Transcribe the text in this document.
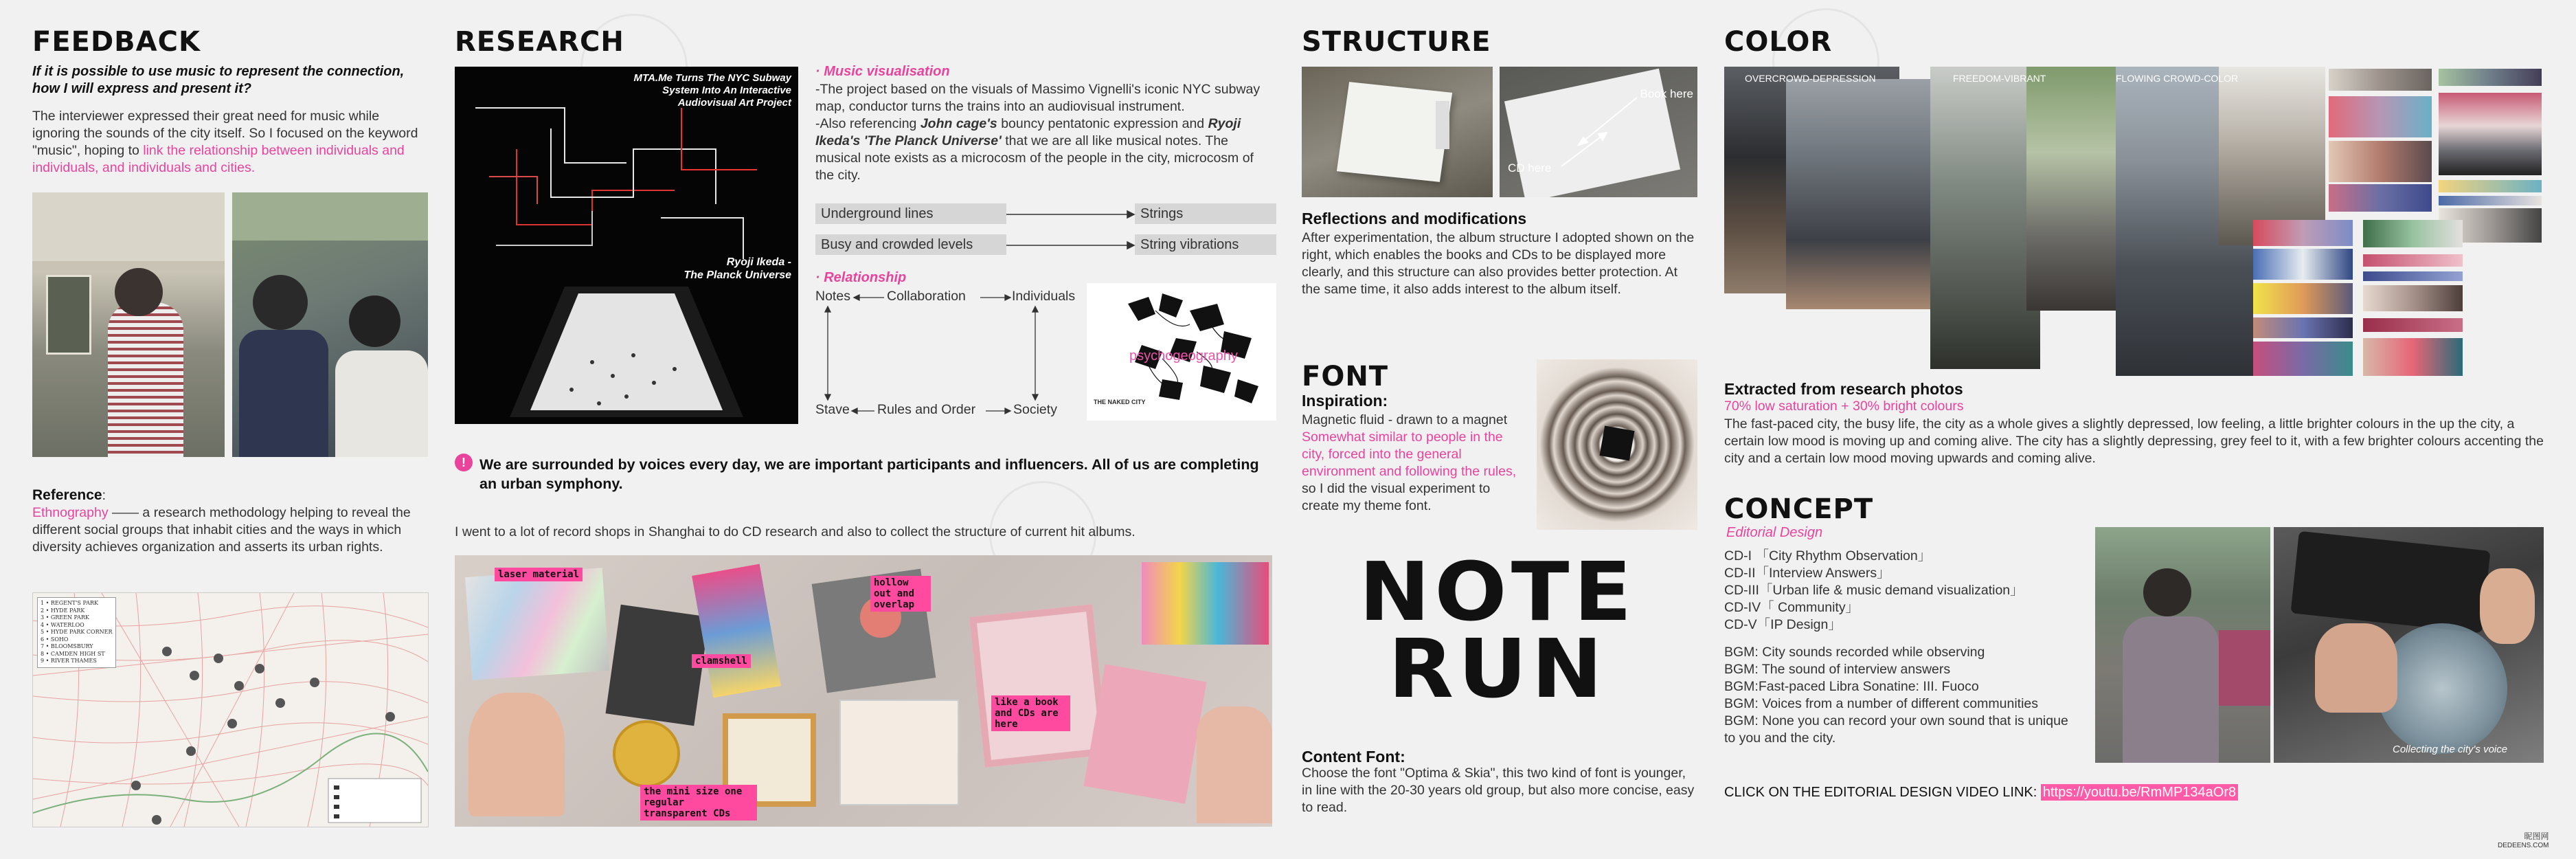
FEEDBACK
If it is possible to use music to represent the connection, how I will express and present it?
The interviewer expressed their great need for music while ignoring the sounds of the city itself. So I focused on the keyword "music", hoping to link the relationship between individuals and individuals, and individuals and cities.
Reference:
Ethnography —— a research methodology helping to reveal the different social groups that inhabit cities and the ways in which diversity achieves organization and asserts its urban rights.
1 • REGENT'S PARK
2 • HYDE PARK
3 • GREEN PARK
4 • WATERLOO
5 • HYDE PARK CORNER
6 • SOHO
7 • BLOOMSBURY
8 • CAMDEN HIGH ST
9 • RIVER THAMES
RESEARCH
MTA.Me Turns The NYC Subway System Into An Interactive Audiovisual Art Project
Ryoji Ikeda -
The Planck Universe
· Music visualisation
-The project based on the visuals of Massimo Vignelli's iconic NYC subway map, conductor turns the trains into an audiovisual instrument.
-Also referencing John cage's bouncy pentatonic expression and Ryoji Ikeda's 'The Planck Universe' that we are all like musical notes. The musical note exists as a microcosm of the people in the city, microcosm of the city.
Underground lines	Strings
Busy and crowded levels	String vibrations
· Relationship
Notes	Collaboration	Individuals
Stave Rules and Order	Society
psychogeography
THE NAKED CITY
! We are surrounded by voices every day, we are important participants and influencers. All of us are completing an urban symphony.
I went to a lot of record shops in Shanghai to do CD research and also to collect the structure of current hit albums.
laser material
clamshell
hollow out and overlap
like a book and CDs are here
the mini size one regular transparent CDs
STRUCTURE
Book here
CD here
Reflections and modifications
After experimentation, the album structure I adopted shown on the right, which enables the books and CDs to be displayed more clearly, and this structure can also provides better protection. At the same time, it also adds interest to the album itself.
FONT
Inspiration:
Magnetic fluid - drawn to a magnet Somewhat similar to people in the city, forced into the general environment and following the rules, so I did the visual experiment to create my theme font.
NOTE
RUN
Content Font:
Choose the font "Optima & Skia", this two kind of font is younger, in line with the 20-30 years old group, but also more concise, easy to read.
COLOR
OVERCROWD-DEPRESSION	FREEDOM-VIBRANT	FLOWING CROWD-COLOR
Extracted from research photos
70% low saturation + 30% bright colours
The fast-paced city, the busy life, the city as a whole gives a slightly depressed, low feeling, a little brighter colours in the up the city, a certain low mood is moving up and coming alive. The city has a slightly depressing, grey feel to it, with a few brighter colours accenting the city and a certain low mood moving upwards and coming alive.
CONCEPT
Editorial Design
CD-I 「City Rhythm Observation」
CD-II「Interview Answers」
CD-III「Urban life & music demand visualization」
CD-IV「 Community」
CD-V「IP Design」
BGM: City sounds recorded while observing
BGM: The sound of interview answers
BGM:Fast-paced Libra Sonatine: III. Fuoco
BGM: Voices from a number of different communities
BGM: None you can record your own sound that is unique to you and the city.
Collecting the city's voice
CLICK ON THE EDITORIAL DESIGN VIDEO LINK: https://youtu.be/RmMP134aOr8
昵图网
DEDEENS.COM
